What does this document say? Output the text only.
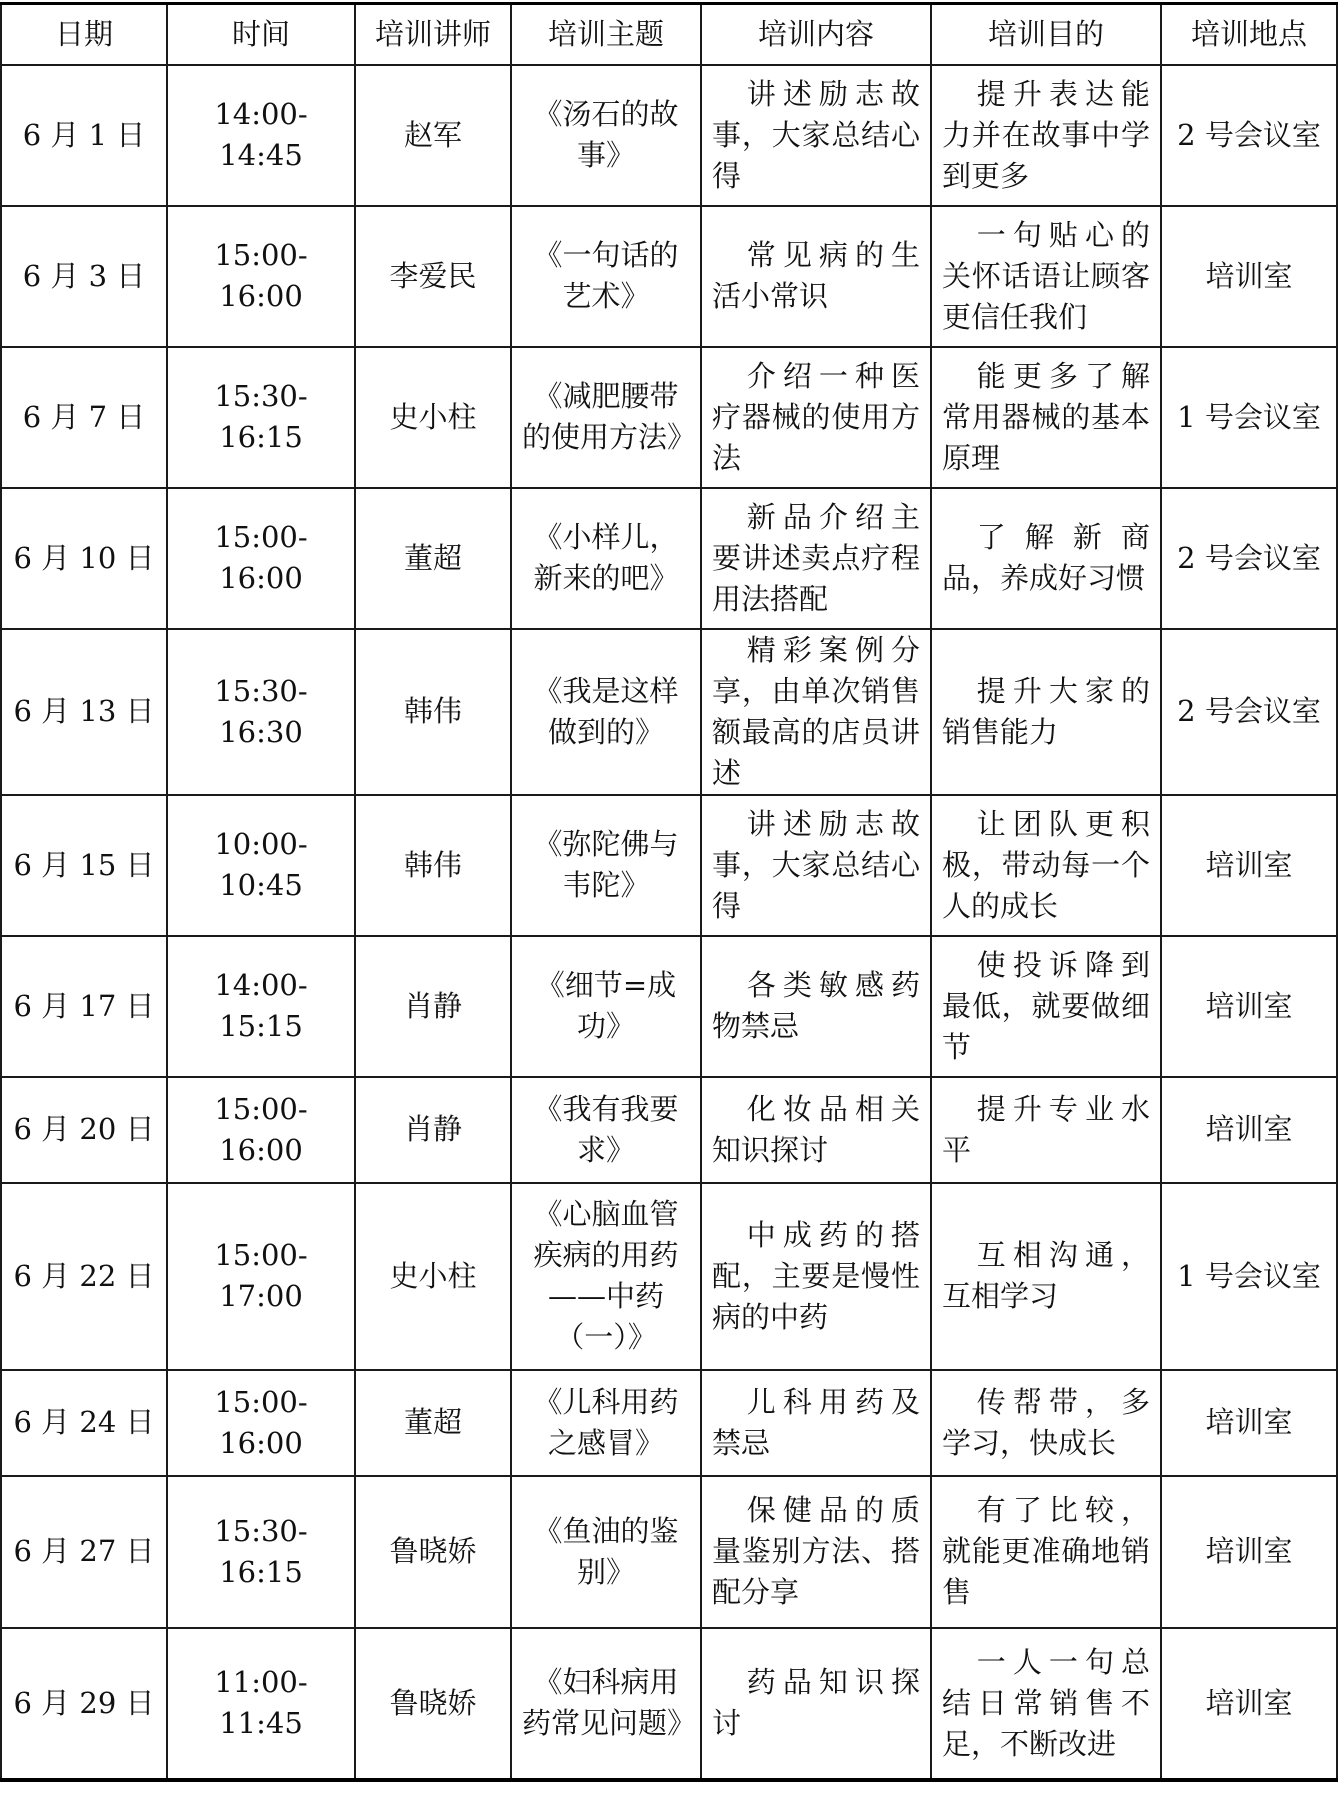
日期	时间	培训讲师	培训主题	培训内容	培训目的	培训地点
6 月 1 日	14:00-14:45	赵军	《汤石的故事》	讲述励志故事，大家总结心得	提升表达能力并在故事中学到更多	2 号会议室
6 月 3 日	15:00-16:00	李爱民	《一句话的艺术》	常见病的生活小常识	一句贴心的关怀话语让顾客更信任我们	培训室
6 月 7 日	15:30-16:15	史小柱	《减肥腰带的使用方法》	介绍一种医疗器械的使用方法	能更多了解常用器械的基本原理	1 号会议室
6 月 10 日	15:00-16:00	董超	《小样儿，新来的吧》	新品介绍主要讲述卖点疗程用法搭配	了解新商品，养成好习惯	2 号会议室
6 月 13 日	15:30-16:30	韩伟	《我是这样做到的》	精彩案例分享，由单次销售额最高的店员讲述	提升大家的销售能力	2 号会议室
6 月 15 日	10:00-10:45	韩伟	《弥陀佛与韦陀》	讲述励志故事，大家总结心得	让团队更积极，带动每一个人的成长	培训室
6 月 17 日	14:00-15:15	肖静	《细节=成功》	各类敏感药物禁忌	使投诉降到最低，就要做细节	培训室
6 月 20 日	15:00-16:00	肖静	《我有我要求》	化妆品相关知识探讨	提升专业水平	培训室
6 月 22 日	15:00-17:00	史小柱	《心脑血管疾病的用药——中药（一）》	中成药的搭配，主要是慢性病的中药	互相沟通，互相学习	1 号会议室
6 月 24 日	15:00-16:00	董超	《儿科用药之感冒》	儿科用药及禁忌	传帮带，多学习，快成长	培训室
6 月 27 日	15:30-16:15	鲁晓娇	《鱼油的鉴别》	保健品的质量鉴别方法、搭配分享	有了比较，就能更准确地销售	培训室
6 月 29 日	11:00-11:45	鲁晓娇	《妇科病用药常见问题》	药品知识探讨	一人一句总结日常销售不足，不断改进	培训室
